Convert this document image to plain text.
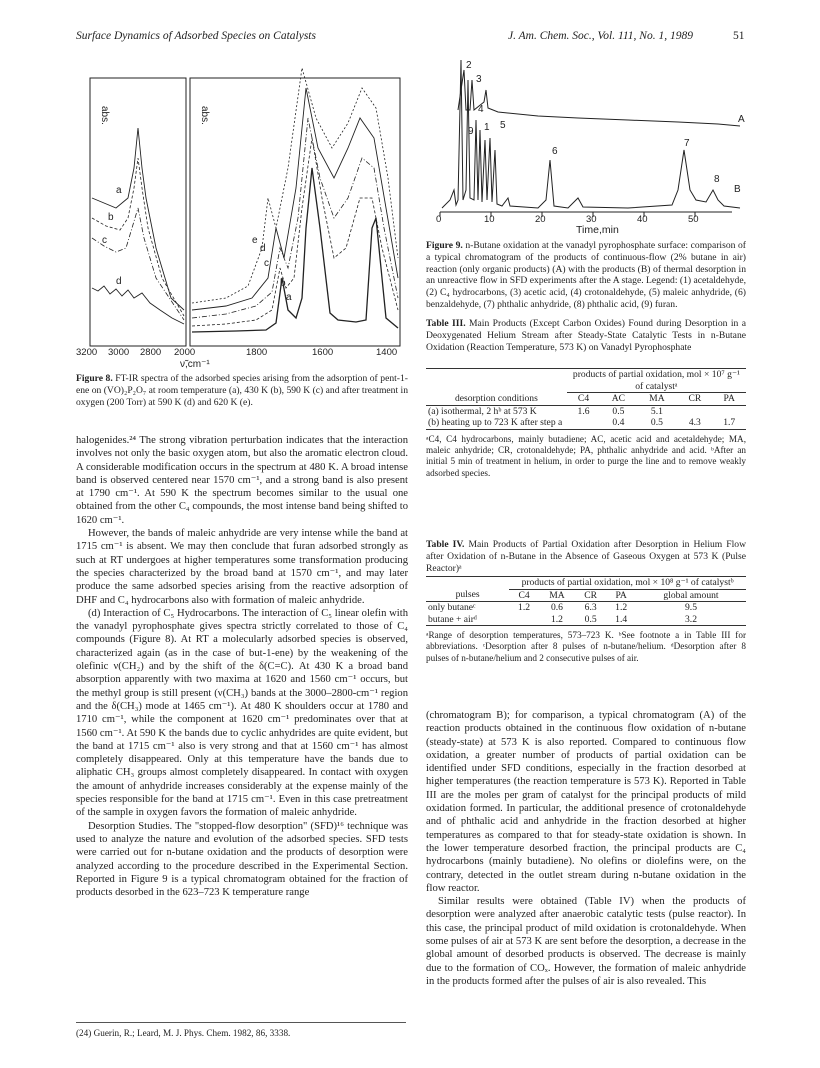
Surface Dynamics of Adsorbed Species on Catalysts	J. Am. Chem. Soc., Vol. 111, No. 1, 1989	51
abs.	abs.
a
b
c
d
e
d
c
b
a
3200 3000 2800 2000	1800	1600	1400
ν̃,cm⁻¹
Figure 8. FT-IR spectra of the adsorbed species arising from the adsorption of pent-1-ene on (VO)₂P₂O₇ at room temperature (a), 430 K (b), 590 K (c) and after treatment in oxygen (200 Torr) at 590 K (d) and 620 K (e).

halogenides.²⁴ The strong vibration perturbation indicates that the interaction involves not only the basic oxygen atom, but also the aromatic electron cloud. A considerable modification occurs in the spectrum at 480 K. A broad intense band is observed centered near 1570 cm⁻¹, and a strong band is also present at 1790 cm⁻¹. At 590 K the spectrum becomes similar to the usual one obtained from the other C₄ compounds, the most intense band being shifted to 1620 cm⁻¹.

However, the bands of maleic anhydride are very intense while the band at 1715 cm⁻¹ is absent. We may then conclude that furan adsorbed strongly as such at RT undergoes at higher temperatures some transformation producing the species characterized by the broad band at 1570 cm⁻¹, and may later produce the same adsorbed species arising from the reactive adsorption of DHF and C₄ hydrocarbons also with formation of maleic anhydride.

(d) Interaction of C₅ Hydrocarbons. The interaction of C₅ linear olefin with the vanadyl pyrophosphate gives spectra strictly correlated to those of C₄ compounds (Figure 8). At RT a molecularly adsorbed species is observed, characterized again (as in the case of but-1-ene) by the weakening of the olefinic ν(CH₂) and by the shift of the δ(C=C). At 430 K a broad band absorption apparently with two maxima at 1620 and 1560 cm⁻¹ occurs, but the methyl group is still present (ν(CH₃) bands at the 3000–2800-cm⁻¹ region and the δ(CH₃) mode at 1465 cm⁻¹). At 480 K shoulders occur at 1780 and 1710 cm⁻¹, while the component at 1620 cm⁻¹ predominates over that at 1560 cm⁻¹. At 590 K the bands due to cyclic anhydrides are quite evident, but the band at 1715 cm⁻¹ also is very strong and that at 1560 cm⁻¹ has almost completely disappeared. Only at this temperature have the bands due to aliphatic CH₃ groups almost completely disappeared. In contact with oxygen the amount of anhydride increases considerably at the expense mainly of the species responsible for the band at 1715 cm⁻¹. Even in this case pretreatment of the sample in oxygen favors the formation of maleic anhydride.

Desorption Studies. The "stopped-flow desorption" (SFD)¹⁶ technique was used to analyze the nature and evolution of the adsorbed species. SFD tests were carried out for n-butane oxidation and the products of desorption were analyzed according to the procedure described in the Experimental Section. Reported in Figure 9 is a typical chromatogram obtained for the fraction of products desorbed in the 623–723 K temperature range

(24) Guerin, R.; Leard, M. J. Phys. Chem. 1982, 86, 3338.
2
3
4
9 1 5
6
7
8
A
B
0	10	20	30	40	50
Time,min
Figure 9. n-Butane oxidation at the vanadyl pyrophosphate surface: comparison of a typical chromatogram of the products of continuous-flow (2% butane in air) reaction (only organic products) (A) with the products (B) of thermal desorption in an unreactive flow in SFD experiments after the A stage. Legend: (1) acetaldehyde, (2) C₄ hydrocarbons, (3) acetic acid, (4) crotonaldehyde, (5) maleic anhydride, (6) benzaldehyde, (7) phthalic anhydride, (8) phthalic acid, (9) furan.
Table III. Main Products (Except Carbon Oxides) Found during Desorption in a Deoxygenated Helium Stream after Steady-State Catalytic Tests in n-Butane Oxidation (Reaction Temperature, 573 K) on Vanadyl Pyrophosphate
	products of partial oxidation, mol × 10⁷ g⁻¹ of catalystᵃ				
desorption conditions	C4	AC	MA	CR	PA
(a) isothermal, 2 hᵇ at 573 K	1.6	0.5	5.1		
(b) heating up to 723 K after step a		0.4	0.5	4.3	1.7
ᵃC4, C4 hydrocarbons, mainly butadiene; AC, acetic acid and acetaldehyde; MA, maleic anhydride; CR, crotonaldehyde; PA, phthalic anhydride and acid. ᵇAfter an initial 5 min of treatment in helium, in order to purge the line and to remove weakly adsorbed species.
Table IV. Main Products of Partial Oxidation after Desorption in Helium Flow after Oxidation of n-Butane in the Absence of Gaseous Oxygen at 573 K (Pulse Reactor)ᵃ
	products of partial oxidation, mol × 10⁸ g⁻¹ of catalystᵇ				
pulses	C4	MA	CR	PA	global amount
only butaneᶜ	1.2	0.6	6.3	1.2	9.5
butane + airᵈ		1.2	0.5	1.4	3.2
ᵃRange of desorption temperatures, 573–723 K. ᵇSee footnote a in Table III for abbreviations. ᶜDesorption after 8 pulses of n-butane/helium. ᵈDesorption after 8 pulses of n-butane/helium and 2 consecutive pulses of air.

(chromatogram B); for comparison, a typical chromatogram (A) of the reaction products obtained in the continuous flow oxidation of n-butane (steady-state) at 573 K is also reported. Compared to continuous flow oxidation, a greater number of products of partial oxidation can be identified under SFD conditions, especially in the fraction desorbed at higher temperatures (the reaction temperature is 573 K). Reported in Table III are the moles per gram of catalyst for the principal products of mild oxidation formed. In particular, the additional presence of crotonaldehyde and of phthalic acid and anhydride in the fraction desorbed at higher temperatures as compared to that for steady-state oxidation is shown. In the lower temperature desorbed fraction, the principal products are C₄ hydrocarbons (mainly butadiene). No olefins or diolefins were, on the contrary, detected in the outlet stream during n-butane oxidation in the flow reactor.

Similar results were obtained (Table IV) when the products of desorption were analyzed after anaerobic catalytic tests (pulse reactor). In this case, the principal product of mild oxidation is crotonaldehyde. When some pulses of air at 573 K are sent before the desorption, a decrease in the global amount of desorbed products is observed. The decrease is mainly due to the formation of COₓ. However, the formation of maleic anhydride in the products formed after the pulses of air is also revealed. This
